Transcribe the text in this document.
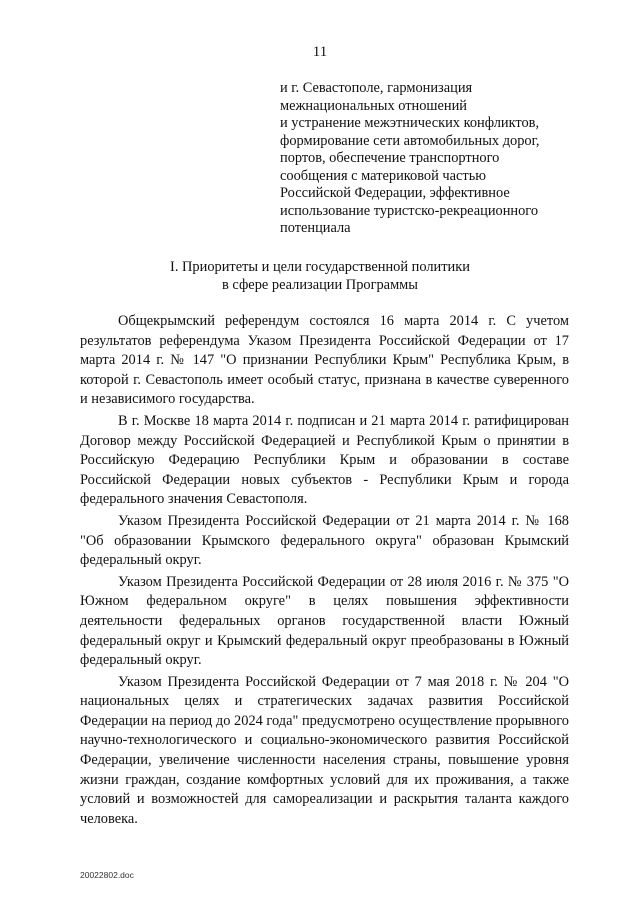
11
и г. Севастополе, гармонизация
межнациональных отношений
и устранение межэтнических конфликтов,
формирование сети автомобильных дорог,
портов, обеспечение транспортного
сообщения с материковой частью
Российской Федерации, эффективное
использование туристско-рекреационного
потенциала
I. Приоритеты и цели государственной политики
в сфере реализации Программы

Общекрымский референдум состоялся 16 марта 2014 г. С учетом результатов референдума Указом Президента Российской Федерации от 17 марта 2014 г. № 147 "О признании Республики Крым" Республика Крым, в которой г. Севастополь имеет особый статус, признана в качестве суверенного и независимого государства.

В г. Москве 18 марта 2014 г. подписан и 21 марта 2014 г. ратифицирован Договор между Российской Федерацией и Республикой Крым о принятии в Российскую Федерацию Республики Крым и образовании в составе Российской Федерации новых субъектов - Республики Крым и города федерального значения Севастополя.

Указом Президента Российской Федерации от 21 марта 2014 г. № 168 "Об образовании Крымского федерального округа" образован Крымский федеральный округ.

Указом Президента Российской Федерации от 28 июля 2016 г. № 375 "О Южном федеральном округе" в целях повышения эффективности деятельности федеральных органов государственной власти Южный федеральный округ и Крымский федеральный округ преобразованы в Южный федеральный округ.

Указом Президента Российской Федерации от 7 мая 2018 г. № 204 "О национальных целях и стратегических задачах развития Российской Федерации на период до 2024 года" предусмотрено осуществление прорывного научно-технологического и социально-экономического развития Российской Федерации, увеличение численности населения страны, повышение уровня жизни граждан, создание комфортных условий для их проживания, а также условий и возможностей для самореализации и раскрытия таланта каждого человека.

20022802.doc
